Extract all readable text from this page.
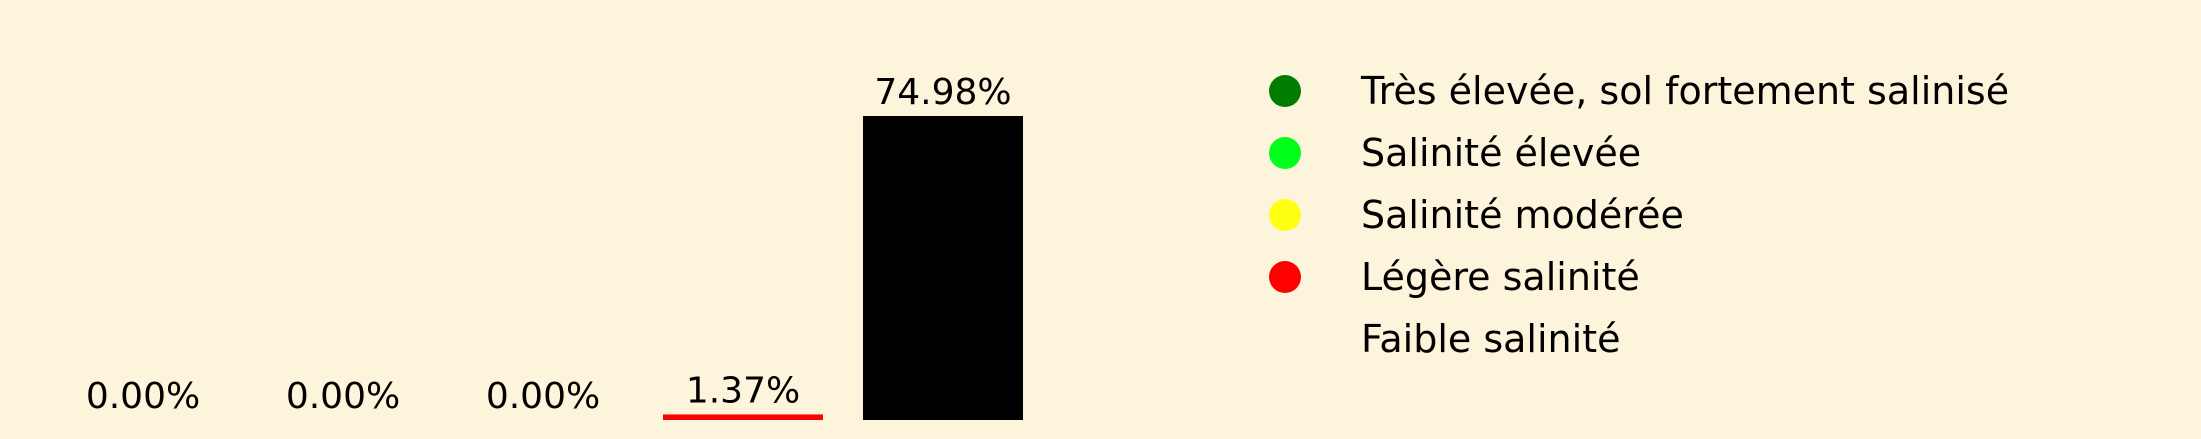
0.00% 0.00% 0.00% 1.37%
74.98%	Très élevée, sol fortement salinisé
Salinité élevée
Salinité modérée
Légère salinité
Faible salinité
